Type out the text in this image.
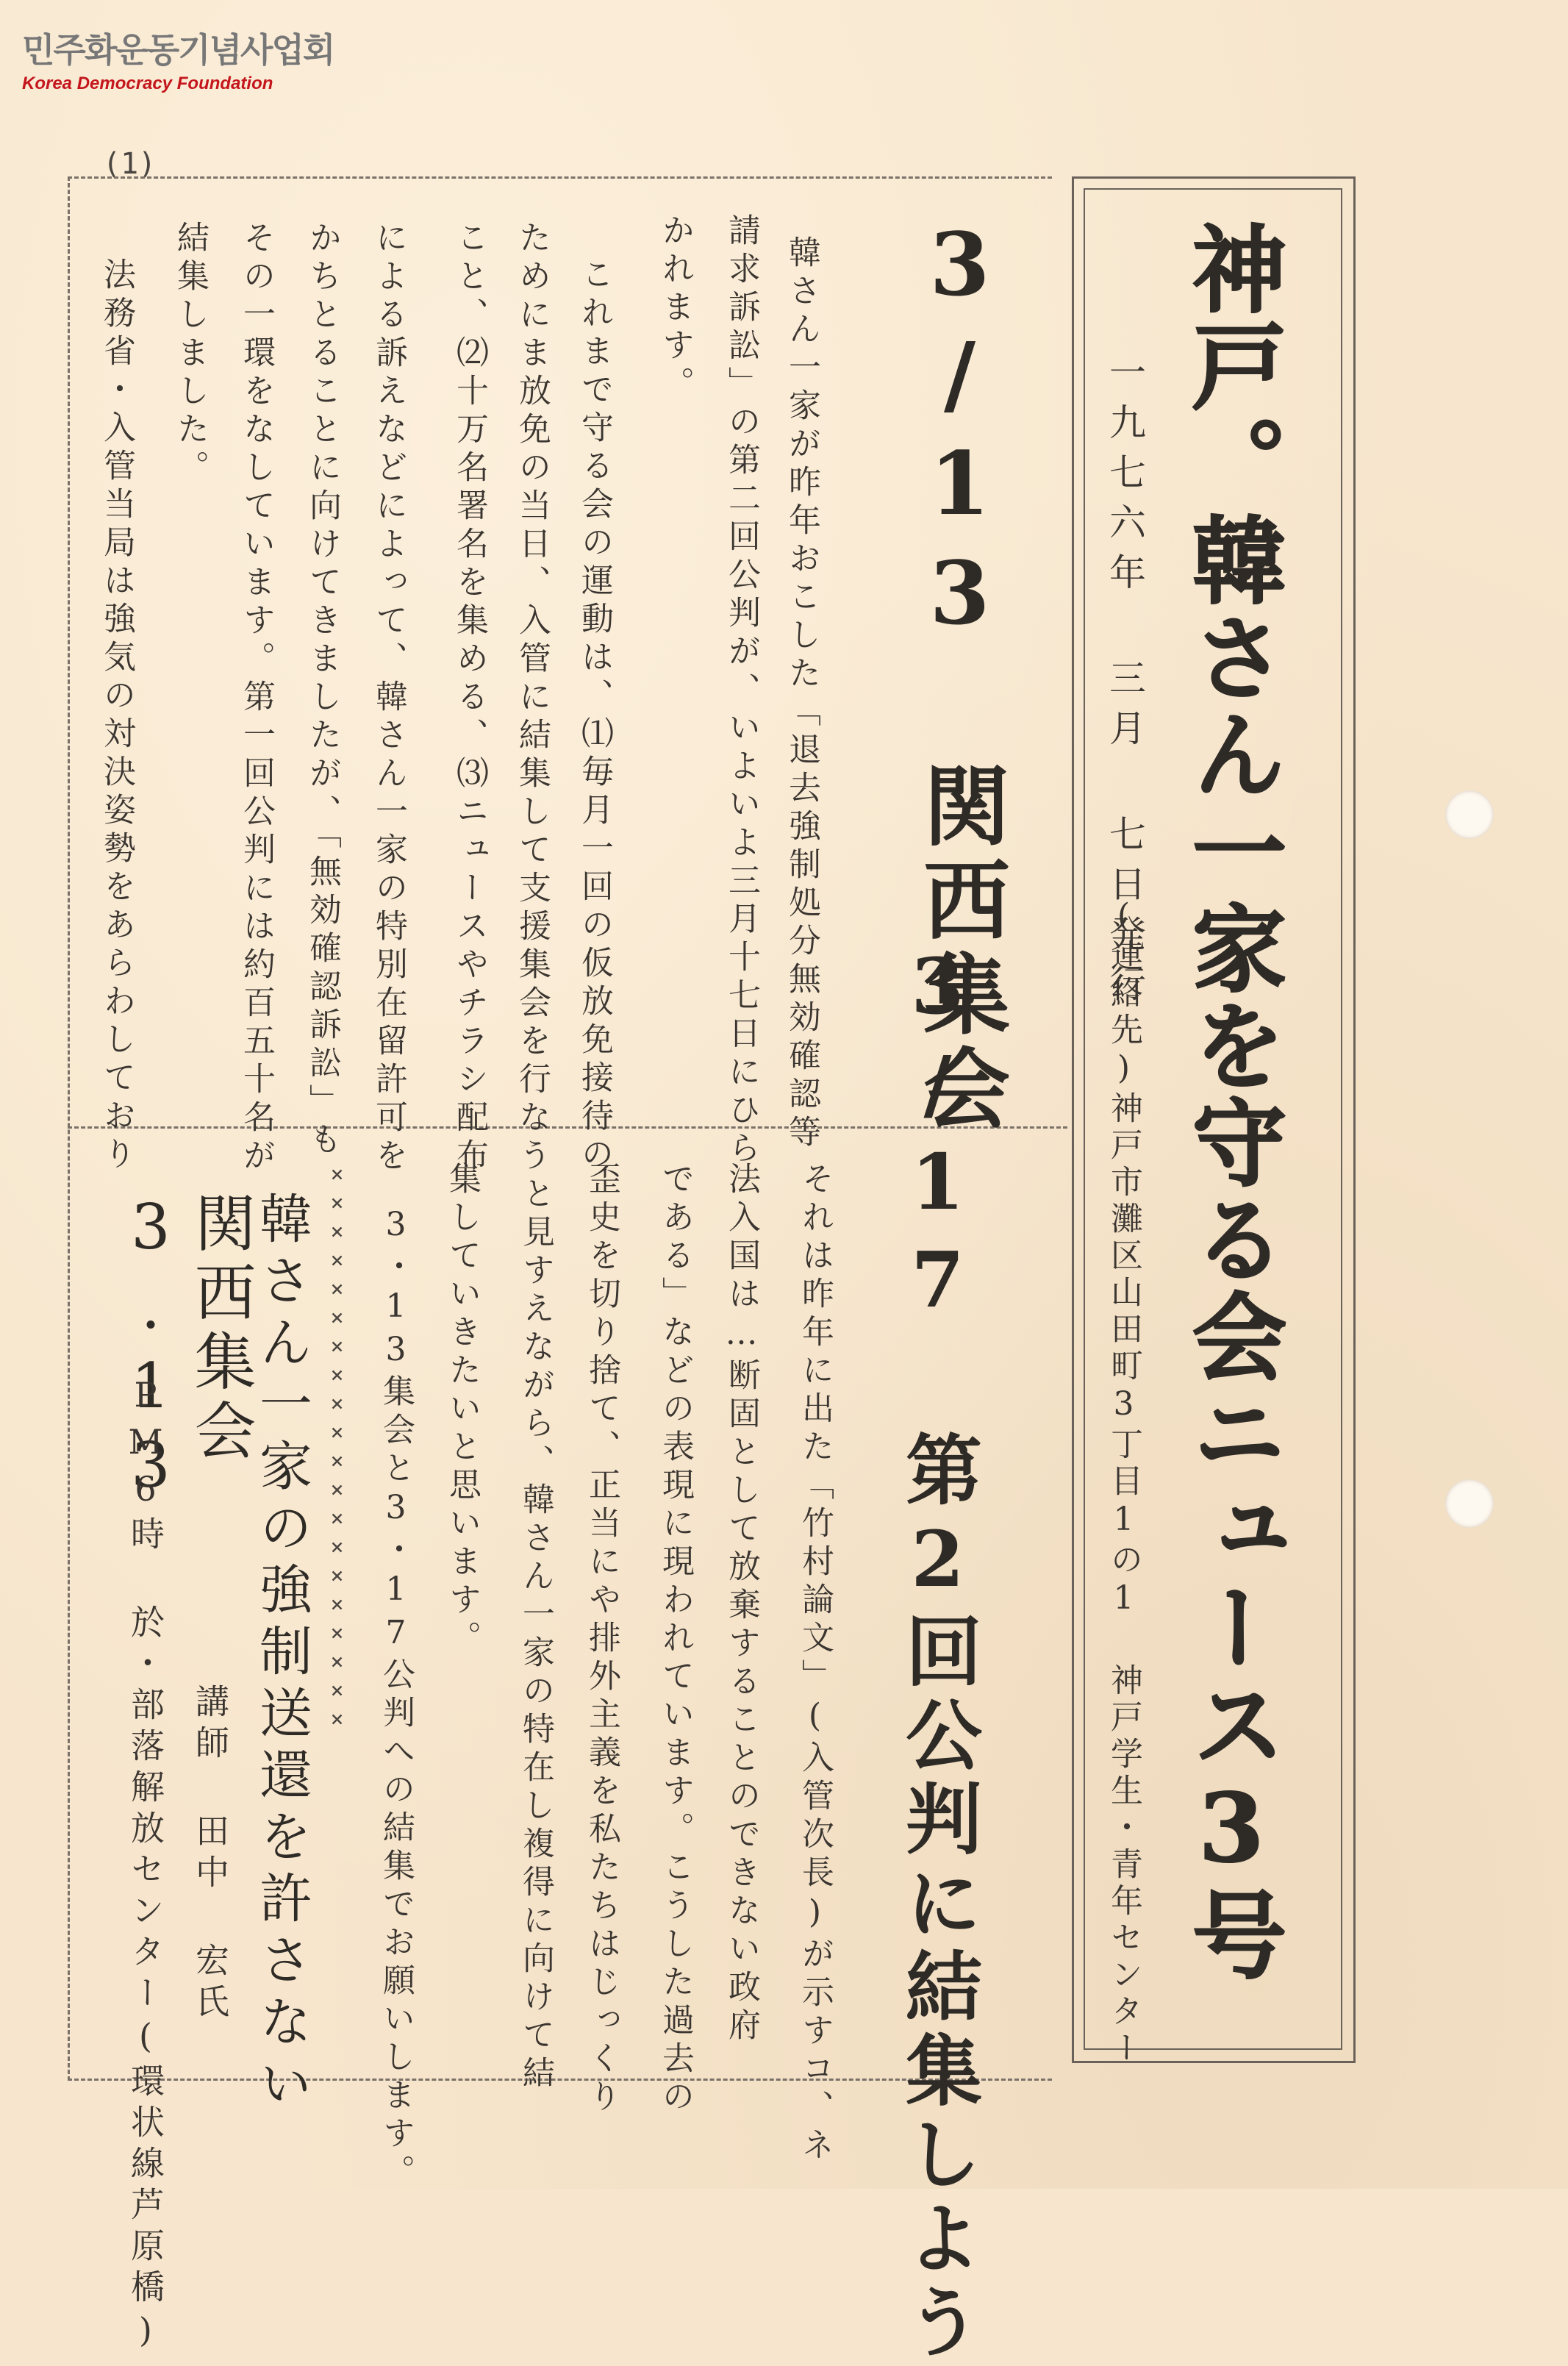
민주화운동기념사업회
Korea Democracy Foundation
(1)
神戸。韓さん一家を守る会ニュース3号
一九七六年 三月 七日発行
(連絡先)神戸市灘区山田町3丁目1の1 神戸学生・青年センター
3/13 関西集会
3/17 第2回公判に結集しよう
韓さん一家が昨年おこした「退去強制処分無効確認等
請求訴訟」の第二回公判が、いよいよ三月十七日にひら
かれます。
これまで守る会の運動は、⑴毎月一回の仮放免接待の
ためにま放免の当日、入管に結集して支援集会を行なう
こと、⑵十万名署名を集める、⑶ニュースやチラシ配布
による訴えなどによって、韓さん一家の特別在留許可を
かちとることに向けてきましたが、「無効確認訴訟」も
その一環をなしています。第一回公判には約百五十名が
結集しました。
法務省・入管当局は強気の対決姿勢をあらわしており
それは昨年に出た「竹村論文」(入管次長)が示すコ、ネ
法入国は…断固として放棄することのできない政府
である」などの表現に現われています。こうした過去の
歪史を切り捨て、正当にや排外主義を私たちはじっくり
と見すえながら、韓さん一家の特在し複得に向けて結
集していきたいと思います。
3・13集会と3・17公判への結集でお願いします。
××××××××××××××××××××
韓さん一家の強制送還を許さない
関西集会
講師 田中 宏氏
3.13
PM6時 於・部落解放センター(環状線芦原橋)
